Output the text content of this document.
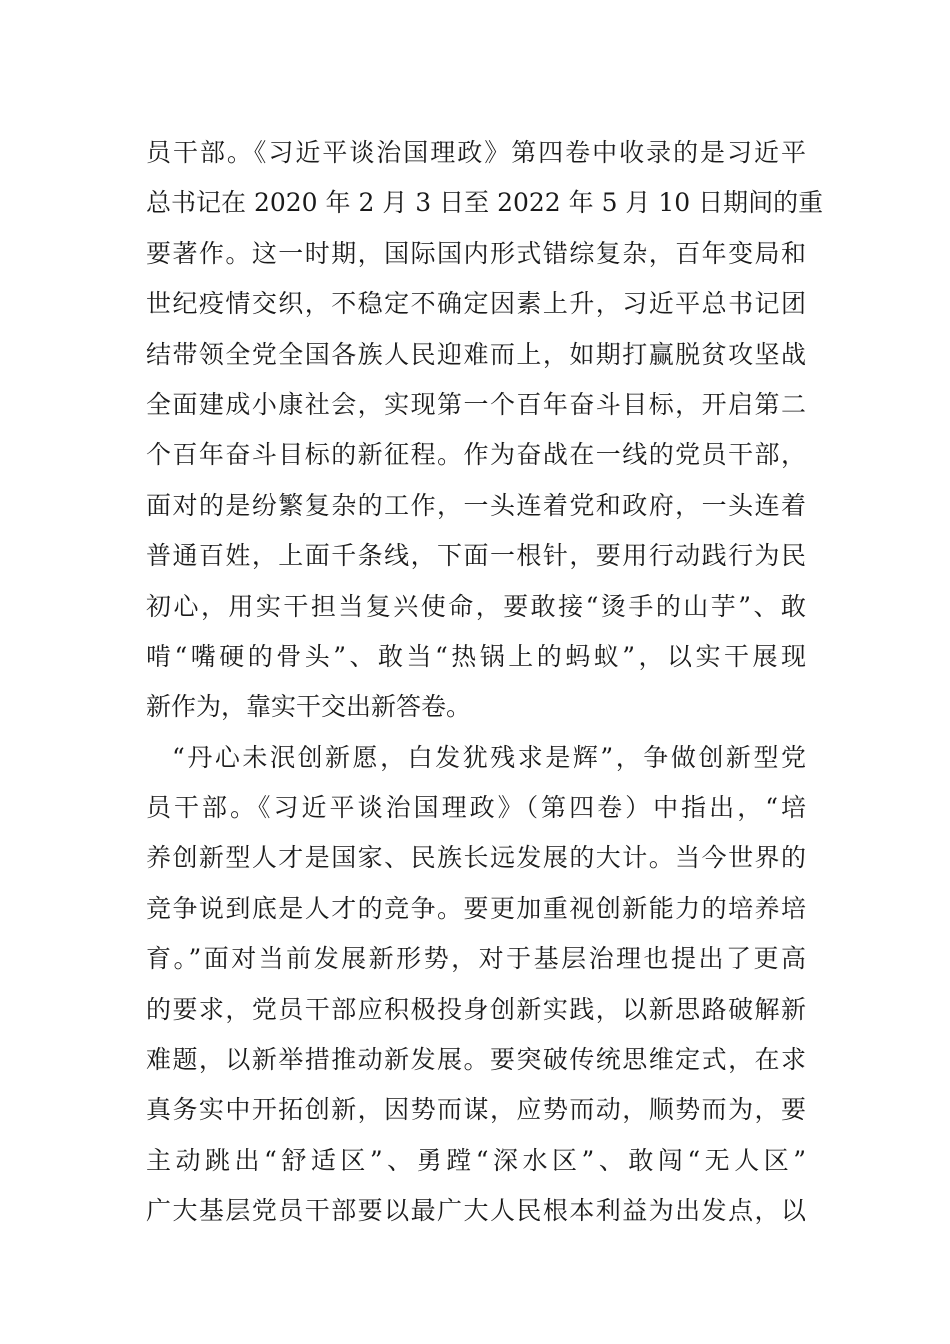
员干部。《习近平谈治国理政》第四卷中收录的是习近平
总书记在 2020 年 2 月 3 日至 2022 年 5 月 10 日期间的重
要著作。这一时期，国际国内形式错综复杂，百年变局和
世纪疫情交织，不稳定不确定因素上升，习近平总书记团
结带领全党全国各族人民迎难而上，如期打赢脱贫攻坚战
全面建成小康社会，实现第一个百年奋斗目标，开启第二
个百年奋斗目标的新征程。作为奋战在一线的党员干部，
面对的是纷繁复杂的工作，一头连着党和政府，一头连着
普通百姓，上面千条线，下面一根针，要用行动践行为民
初心，用实干担当复兴使命，要敢接“烫手的山芋”、敢
啃“嘴硬的骨头”、敢当“热锅上的蚂蚁”，以实干展现
新作为，靠实干交出新答卷。
“丹心未泯创新愿，白发犹残求是辉”，争做创新型党
员干部。《习近平谈治国理政》（第四卷）中指出，“培
养创新型人才是国家、民族长远发展的大计。当今世界的
竞争说到底是人才的竞争。要更加重视创新能力的培养培
育。”面对当前发展新形势，对于基层治理也提出了更高
的要求，党员干部应积极投身创新实践，以新思路破解新
难题，以新举措推动新发展。要突破传统思维定式，在求
真务实中开拓创新，因势而谋，应势而动，顺势而为，要
主动跳出“舒适区”、勇蹚“深水区”、敢闯“无人区”
广大基层党员干部要以最广大人民根本利益为出发点，以
